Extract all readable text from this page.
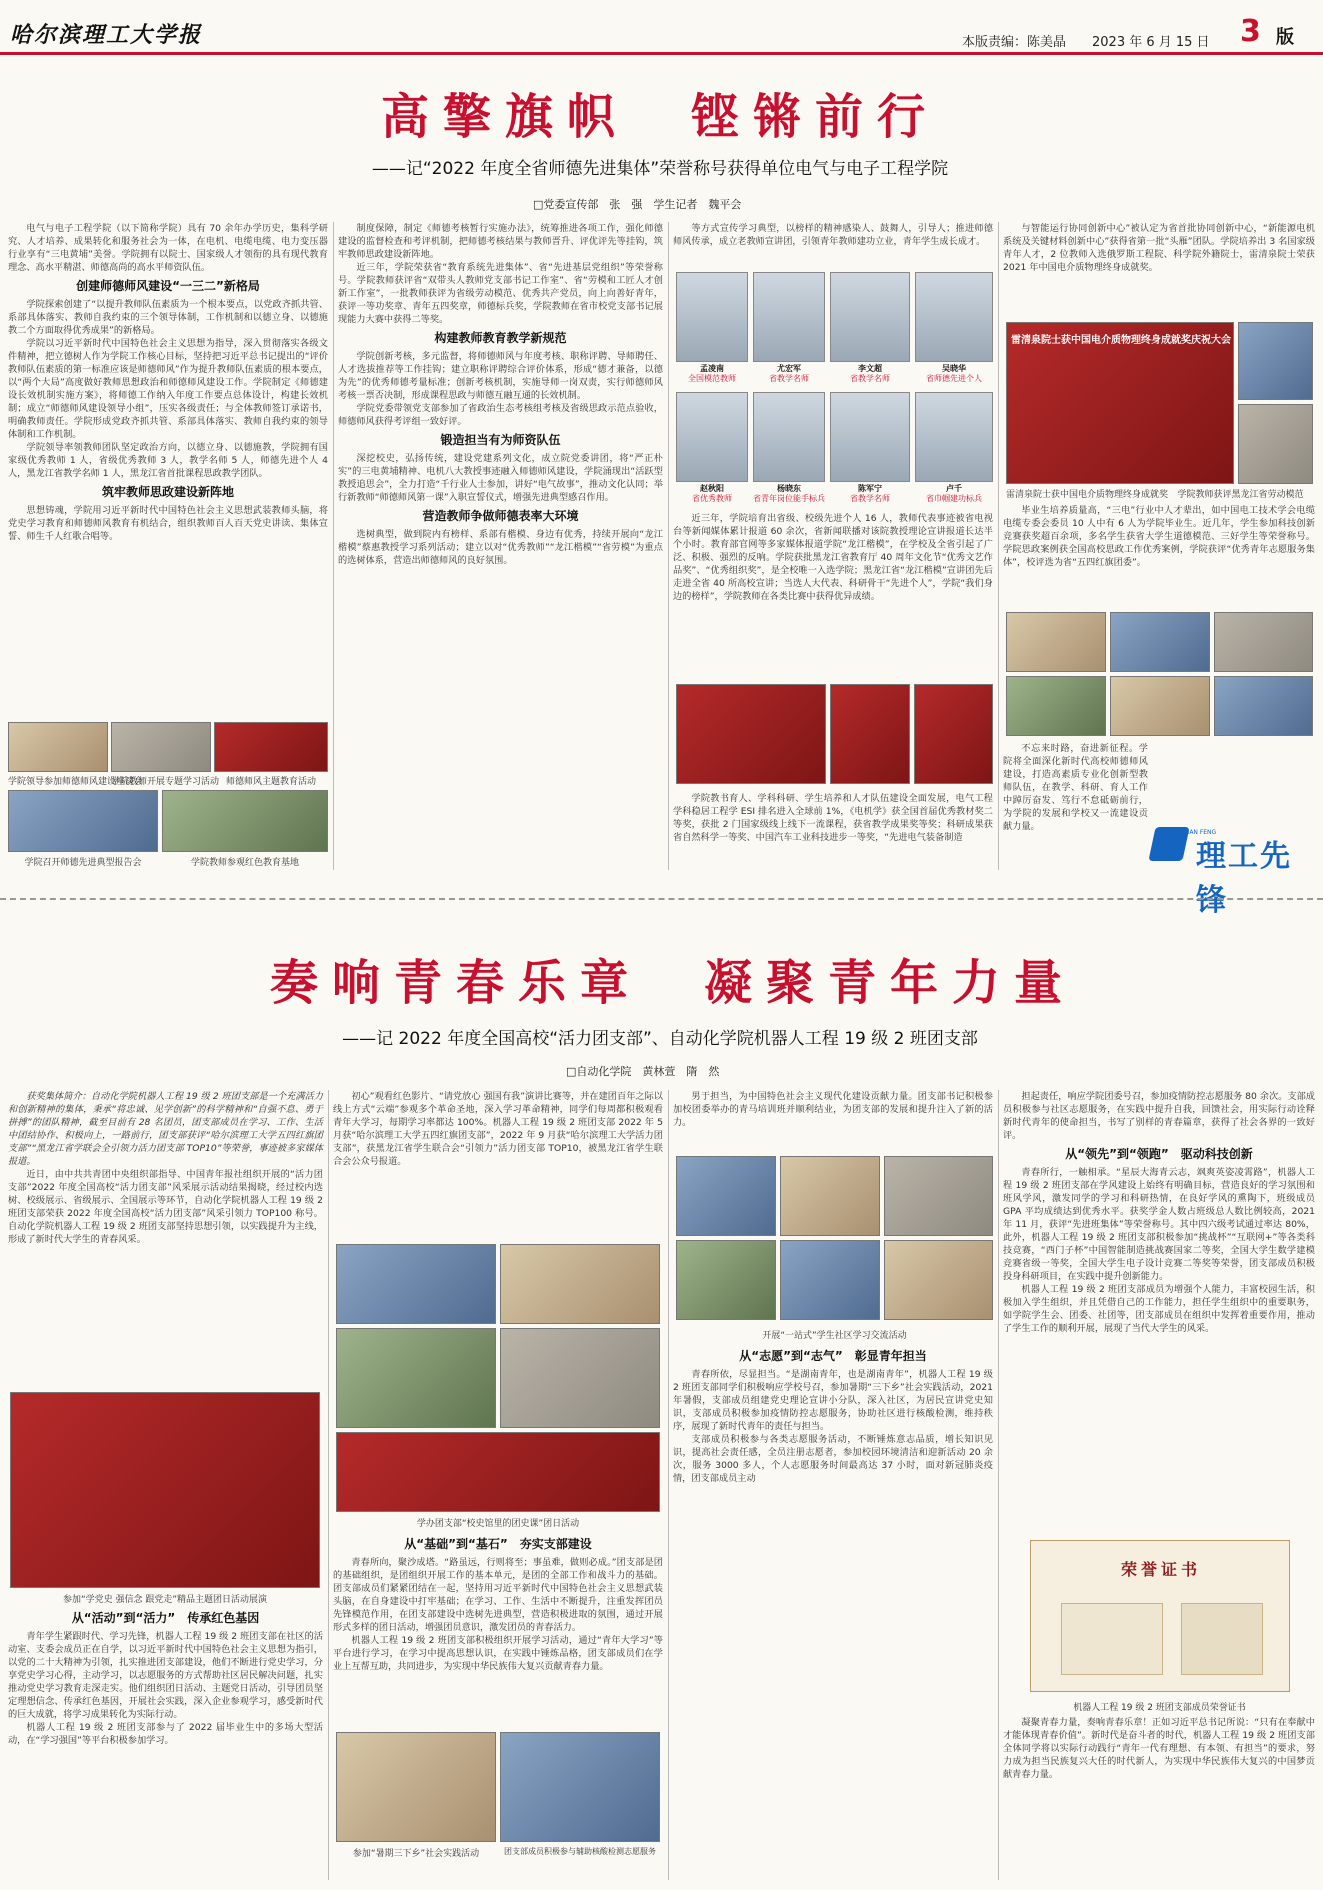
哈尔滨理工大学报	本版责编：陈美晶 2023 年 6 月 15 日 3 版
高擎旗帜　铿锵前行
——记“2022 年度全省师德先进集体”荣誉称号获得单位电气与电子工程学院
□党委宣传部　张　强　学生记者　魏平会

电气与电子工程学院（以下简称学院）具有 70 余年办学历史，集科学研究、人才培养、成果转化和服务社会为一体，在电机、电缆电缆、电力变压器行业享有“三电黄埔”美誉。学院拥有以院士、国家级人才领衔的具有现代教育理念、高水平精湛、师德高尚的高水平师资队伍。

创建师德师风建设“一三二”新格局

学院探索创建了“以提升教师队伍素质为一个根本要点，以党政齐抓共管、系部具体落实、教师自我约束的三个领导体制，工作机制和以德立身、以德施教二个方面取得优秀成果”的新格局。

学院以习近平新时代中国特色社会主义思想为指导，深入贯彻落实各级文件精神，把立德树人作为学院工作核心目标，坚持把习近平总书记提出的“评价教师队伍素质的第一标准应该是师德师风”作为提升教师队伍素质的根本要点，以“两个大局”高度做好教师思想政治和师德师风建设工作。学院制定《师德建设长效机制实施方案》，将师德工作纳入年度工作要点总体设计，构建长效机制；成立“师德师风建设领导小组”，压实各级责任；与全体教师签订承诺书，明确教师责任。学院形成党政齐抓共管、系部具体落实、教师自我约束的领导体制和工作机制。

学院领导率领教师团队坚定政治方向，以德立身、以德施教，学院拥有国家级优秀教师 1 人，省级优秀教师 3 人，教学名师 5 人，师德先进个人 4 人，黑龙江省教学名师 1 人，黑龙江省首批课程思政教学团队。

筑牢教师思政建设新阵地

思想铸魂，学院用习近平新时代中国特色社会主义思想武装教师头脑，将党史学习教育和师德师风教育有机结合，组织教师百人百天党史讲读、集体宣誓、师生千人红歌合唱等。

学院领导参加师德师风建设座谈会
学院教师开展专题学习活动 师德师风主题教育活动
学院召开师德先进典型报告会	学院教师参观红色教育基地

制度保障，制定《师德考核暂行实施办法》，统筹推进各项工作，强化师德建设的监督检查和考评机制，把师德考核结果与教师晋升、评优评先等挂钩，筑牢教师思政建设新阵地。

近三年，学院荣获省“教育系统先进集体”、省“先进基层党组织”等荣誉称号。学院教师获评省“双带头人教师党支部书记工作室”、省“劳模和工匠人才创新工作室”，一批教师获评为省级劳动模范、优秀共产党员，向上向善好青年，获评一等功奖章、青年五四奖章，师德标兵奖，学院教师在省市校党支部书记展现能力大赛中获得二等奖。

构建教师教育教学新规范

学院创新考核，多元监督，将师德师风与年度考核、职称评聘、导师聘任、人才选拔推荐等工作挂钩；建立职称评聘综合评价体系，形成“德才兼备，以德为先”的优秀师德考量标准；创新考核机制，实施导师一岗双责，实行师德师风考核一票否决制，形成课程思政与师德互融互通的长效机制。

学院党委带领党支部参加了省政治生态考核组考核及省级思政示范点验收，师德师风获得考评组一致好评。

锻造担当有为师资队伍

深挖校史，弘扬传统，建设党建系列文化，成立院党委讲团，将“严正朴实”的三电黄埔精神、电机八大教授事迹融入师德师风建设，学院涌现出“活跃型教授追思会”，全力打造“千行业人士参加，讲好“电气故事”，推动文化认同；举行新教师“师德师风第一课”入职宣誓仪式，增强先进典型感召作用。

营造教师争做师德表率大环境

选树典型，做到院内有榜样、系部有楷模、身边有优秀，持续开展向“龙江楷模”蔡惠教授学习系列活动；建立以对“优秀教师”“龙江楷模”“省劳模”为重点的选树体系，营造出师德师风的良好氛围。

等方式宣传学习典型，以榜样的精神感染人、鼓舞人，引导人；推进师德师风传承，成立老教师宣讲团，引领青年教师建功立业，青年学生成长成才。

孟凌南
全国模范教师
尤宏军
省教学名师
李文超
省教学名师
吴晓华
省师德先进个人
赵秋阳
省优秀教师
杨晓东
省青年岗位能手标兵
陈军宁
省教学名师
卢千
省巾帼建功标兵

近三年，学院培育出省级、校级先进个人 16 人，教师代表事迹被省电视台等新闻媒体累计报道 60 余次，省新闻联播对该院教授理论宣讲报道长达半个小时。教育部官网等多家媒体报道学院“龙江楷模”，在学校及全省引起了广泛、积极、强烈的反响。学院获批黑龙江省教育厅 40 周年文化节“优秀文艺作品奖”、“优秀组织奖”，是全校唯一入选学院；黑龙江省“龙江楷模”宣讲团先后走进全省 40 所高校宣讲；当选人大代表、科研骨干“先进个人”，学院“我们身边的榜样”，学院教师在各类比赛中获得优异成绩。

学院教书育人、学科科研、学生培养和人才队伍建设全面发展，电气工程学科稳居工程学 ESI 排名进入全球前 1%，《电机学》获全国首届优秀教材奖二等奖，获批 2 门国家级线上线下一流课程，获省教学成果奖等奖；科研成果获省自然科学一等奖、中国汽车工业科技进步一等奖，“先进电气装备制造

与智能运行协同创新中心”被认定为省首批协同创新中心，“新能源电机系统及关键材料创新中心”获得省第一批“头雁”团队。学院培养出 3 名国家级青年人才，2 位教师入选俄罗斯工程院、科学院外籍院士，雷清泉院士荣获 2021 年中国电介质物理终身成就奖。

雷清泉院士获中国电介质物理终身成就奖庆祝大会
雷清泉院士获中国电介质物理终身成就奖	学院教师获评黑龙江省劳动模范

毕业生培养质量高，“三电”行业中人才辈出，如中国电工技术学会电缆电缆专委会委员 10 人中有 6 人为学院毕业生。近几年，学生参加科技创新竞赛获奖超百余项，多名学生获省大学生道德模范、三好学生等荣誉称号。学院思政案例获全国高校思政工作优秀案例，学院获评“优秀青年志愿服务集体”，校评选为省“五四红旗团委”。

不忘来时路，奋进新征程。学院将全面深化新时代高校师德师风建设，打造高素质专业化创新型教师队伍，在教学、科研、育人工作中踔厉奋发、笃行不怠砥砺前行，为学院的发展和学校又一流建设贡献力量。

LI GONG XIAN FENG
理工先锋
奏响青春乐章　凝聚青年力量
——记 2022 年度全国高校“活力团支部”、自动化学院机器人工程 19 级 2 班团支部
□自动化学院　黄林萱　隋　然

获奖集体简介：自动化学院机器人工程 19 级 2 班团支部是一个充满活力和创新精神的集体，秉承“将忠诚、见学创新”的科学精神和“自强不息、勇于拼搏”的团队精神，截至目前有 28 名团员，团支部成员在学习、工作、生活中团结协作、积极向上，一路前行，团支部获评“哈尔滨理工大学五四红旗团支部”“黑龙江省学联会全引领力活力团支部 TOP10”等荣誉，事迹被多家媒体报道。

近日，由中共共青团中央组织部指导、中国青年报社组织开展的“活力团支部”2022 年度全国高校“活力团支部”风采展示活动结果揭晓，经过校内选树、校级展示、省级展示、全国展示等环节，自动化学院机器人工程 19 级 2 班团支部荣获 2022 年度全国高校“活力团支部”风采引领力 TOP100 称号。自动化学院机器人工程 19 级 2 班团支部坚持思想引领，以实践提升为主线，形成了新时代大学生的青春风采。

参加“学党史 强信念 跟党走”精品主题团日活动展演
从“活动”到“活力”　传承红色基因

青年学生紧跟时代、学习先锋，机器人工程 19 级 2 班团支部在社区的活动室、支委会成员正在自学，以习近平新时代中国特色社会主义思想为指引，以党的二十大精神为引领，扎实推进团支部建设，他们不断进行党史学习，分享党史学习心得，主动学习，以志愿服务的方式帮助社区居民解决问题，扎实推动党史学习教育走深走实。他们组织团日活动、主题党日活动，引导团员坚定理想信念、传承红色基因，开展社会实践，深入企业参观学习，感受新时代的巨大成就，将学习成果转化为实际行动。

机器人工程 19 级 2 班团支部参与了 2022 届毕业生中的多场大型活动，在“学习强国”等平台积极参加学习。

初心”观看红色影片、“请党放心 强国有我”演讲比赛等，并在建团百年之际以线上方式“云端”参观多个革命圣地，深入学习革命精神，同学们每周都积极观看青年大学习，每期学习率都达 100%。机器人工程 19 级 2 班团支部 2022 年 5 月获“哈尔滨理工大学五四红旗团支部”，2022 年 9 月获“哈尔滨理工大学活力团支部”，获黑龙江省学生联合会“引领力”活力团支部 TOP10，被黑龙江省学生联合会公众号报道。

学办团支部“校史馆里的团史课”团日活动
从“基础”到“基石”　夯实支部建设

青春所向，聚沙成塔。“路虽远，行则将至；事虽难，做则必成。”团支部是团的基础组织，是团组织开展工作的基本单元，是团的全部工作和战斗力的基础。团支部成员们紧紧团结在一起，坚持用习近平新时代中国特色社会主义思想武装头脑，在自身建设中打牢基础；在学习、工作、生活中不断提升，注重发挥团员先锋模范作用，在团支部建设中选树先进典型，营造积极进取的氛围，通过开展形式多样的团日活动，增强团员意识，激发团员的青春活力。

机器人工程 19 级 2 班团支部积极组织开展学习活动，通过“青年大学习”等平台进行学习，在学习中提高思想认识，在实践中锤炼品格，团支部成员们在学业上互帮互助，共同进步，为实现中华民族伟大复兴贡献青春力量。

参加“暑期三下乡”社会实践活动	团支部成员积极参与辅助核酸检测志愿服务

男于担当，为中国特色社会主义现代化建设贡献力量。团支部书记积极参加校团委举办的青马培训班并顺利结业，为团支部的发展和提升注入了新的活力。

开展“一站式”学生社区学习交流活动
从“志愿”到“志气”　彰显青年担当

青春所依，尽显担当。“是湖南青年，也是湖南青年”，机器人工程 19 级 2 班团支部同学们积极响应学校号召，参加暑期“三下乡”社会实践活动，2021 年暑假，支部成员组建党史理论宣讲小分队，深入社区，为居民宣讲党史知识，支部成员积极参加疫情防控志愿服务，协助社区进行核酸检测，维持秩序，展现了新时代青年的责任与担当。

支部成员积极参与各类志愿服务活动，不断锤炼意志品质，增长知识见识，提高社会责任感，全员注册志愿者，参加校园环境清洁和迎新活动 20 余次，服务 3000 多人，个人志愿服务时间最高达 37 小时，面对新冠肺炎疫情，团支部成员主动

担起责任，响应学院团委号召，参加疫情防控志愿服务 80 余次。支部成员积极参与社区志愿服务，在实践中提升自我，回馈社会，用实际行动诠释新时代青年的使命担当，书写了别样的青春篇章，获得了社会各界的一致好评。

从“领先”到“领跑”　驱动科技创新

青春所行，一触相承。“星辰大海青云志，飒爽英姿凌霄路”，机器人工程 19 级 2 班团支部在学风建设上始终有明确目标，营造良好的学习氛围和班风学风，激发同学的学习和科研热情，在良好学风的熏陶下，班级成员 GPA 平均成绩达到优秀水平。获奖学金人数占班级总人数比例较高，2021 年 11 月，获评“先进班集体”等荣誉称号。其中四六级考试通过率达 80%，此外，机器人工程 19 级 2 班团支部积极参加“挑战杯”“互联网+”等各类科技竞赛，“西门子杯”中国智能制造挑战赛国家二等奖，全国大学生数学建模竞赛省级一等奖，全国大学生电子设计竞赛二等奖等荣誉，团支部成员积极投身科研项目，在实践中提升创新能力。

机器人工程 19 级 2 班团支部成员为增强个人能力，丰富校园生活，积极加入学生组织，并且凭借自己的工作能力，担任学生组织中的重要职务，如学院学生会、团委、社团等，团支部成员在组织中发挥着重要作用，推动了学生工作的顺利开展，展现了当代大学生的风采。

荣誉证书
机器人工程 19 级 2 班团支部成员荣誉证书

凝聚青春力量，奏响青春乐章！正如习近平总书记所说：“只有在奉献中才能体现青春价值”。新时代是奋斗者的时代，机器人工程 19 级 2 班团支部全体同学将以实际行动践行“青年一代有理想、有本领、有担当”的要求，努力成为担当民族复兴大任的时代新人，为实现中华民族伟大复兴的中国梦贡献青春力量。
